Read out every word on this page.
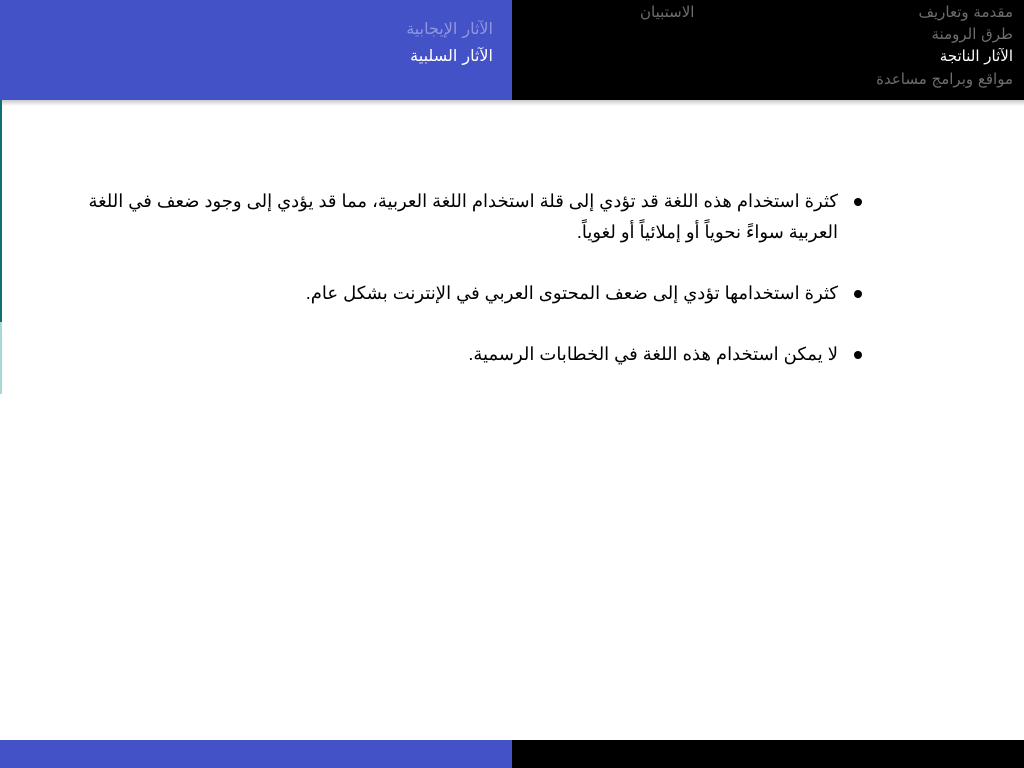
الآثار الإيجابية
الآثار السلبية
الاستبيان	مقدمة وتعاريف
طرق الرومنة
الآثار الناتجة
مواقع وبرامج مساعدة
كثرة استخدام هذه اللغة قد تؤدي إلى قلة استخدام اللغة العربية، مما قد يؤدي إلى وجود ضعف في اللغة العربية سواءً نحوياً أو إملائياً أو لغوياً.
كثرة استخدامها تؤدي إلى ضعف المحتوى العربي في الإنترنت بشكل عام.
لا يمكن استخدام هذه اللغة في الخطابات الرسمية.
